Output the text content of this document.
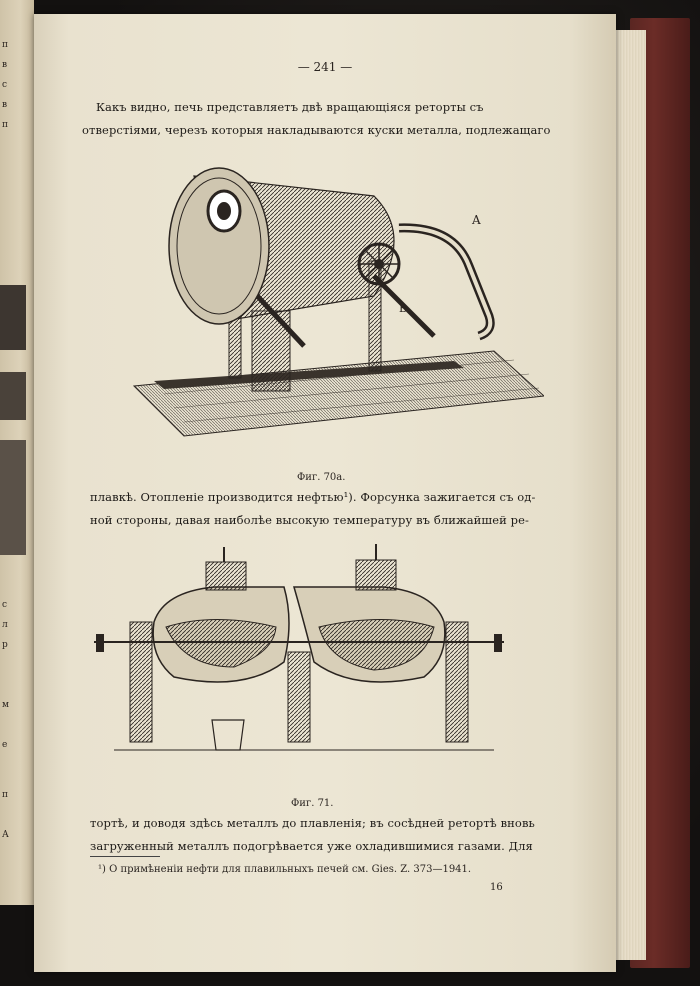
п
в
с
в
п
с
л
р
м
е
п
А
— 241 —
Какъ видно, печь представляетъ двѣ вращающіяся реторты съ
отверстіями, черезъ которыя накладываются куски металла, подлежащаго
A
B
Фиг. 70а.
плавкѣ. Отопленіе производится нефтью¹). Форсунка зажигается съ од-
ной стороны, давая наиболѣе высокую температуру въ ближайшей ре-
Фиг. 71.
тортѣ, и доводя здѣсь металлъ до плавленія; въ сосѣдней ретортѣ вновь
загруженный металлъ подогрѣвается уже охладившимися газами. Для
¹) О примѣненіи нефти для плавильныхъ печей см. Gies. Z. 373—1941.
16
